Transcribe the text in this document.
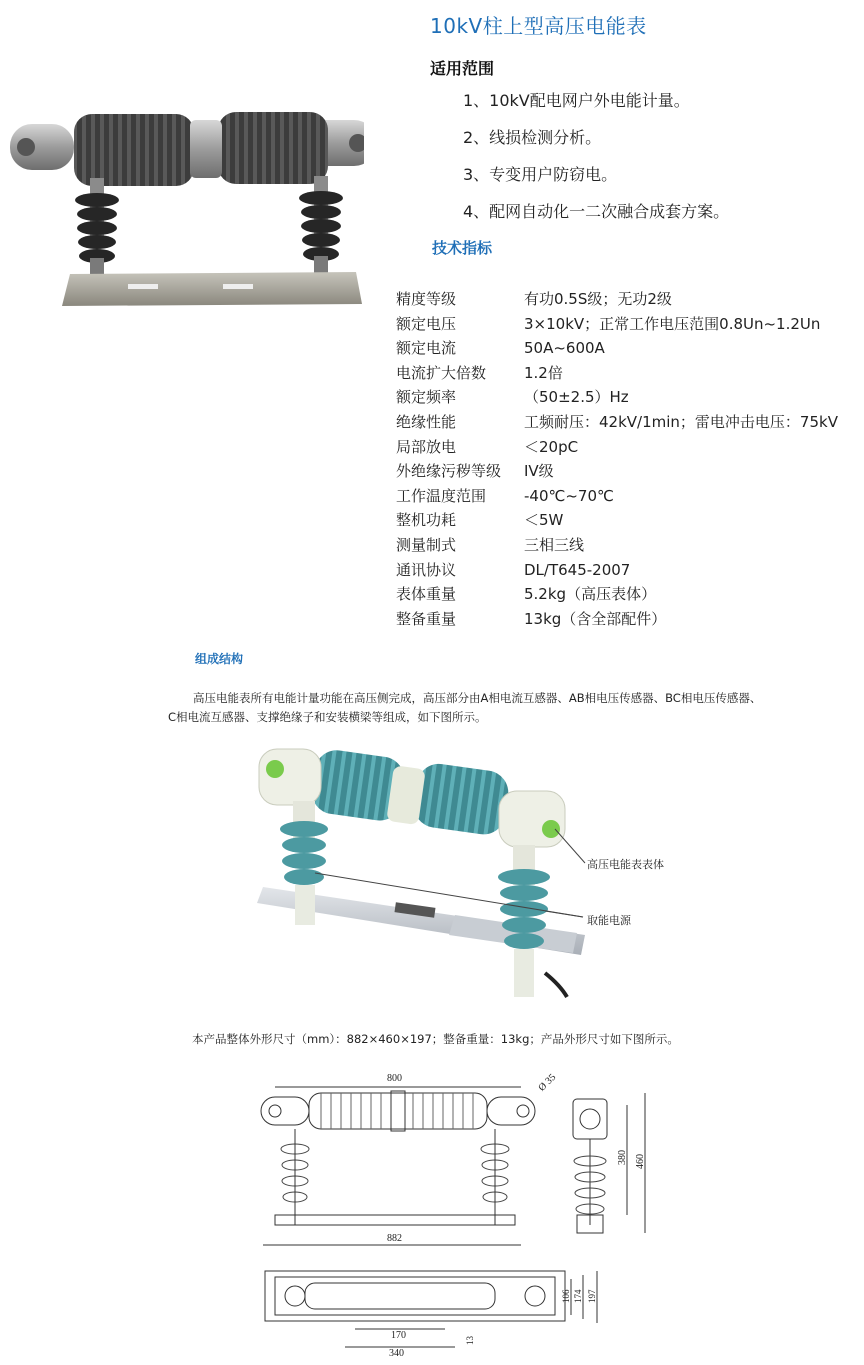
10kV柱上型高压电能表
适用范围
1、10kV配电网户外电能计量。
2、线损检测分析。
3、专变用户防窃电。
4、配网自动化一二次融合成套方案。
技术指标
精度等级	有功0.5S级；无功2级
额定电压	3×10kV；正常工作电压范围0.8Un~1.2Un
额定电流	50A~600A
电流扩大倍数	1.2倍
额定频率	（50±2.5）Hz
绝缘性能	工频耐压：42kV/1min；雷电冲击电压：75kV
局部放电	＜20pC
外绝缘污秽等级	IV级
工作温度范围	-40℃~70℃
整机功耗	＜5W
测量制式	三相三线
通讯协议	DL/T645-2007
表体重量	5.2kg（高压表体）
整备重量	13kg（含全部配件）
组成结构
高压电能表所有电能计量功能在高压侧完成，高压部分由A相电流互感器、AB相电压传感器、BC相电压传感器、C相电流互感器、支撑绝缘子和安装横梁等组成，如下图所示。
高压电能表表体
取能电源
本产品整体外形尺寸（mm）：882×460×197；整备重量：13kg；产品外形尺寸如下图所示。
800
882
Ø 35
380 460
106 174 197
170
340
13
